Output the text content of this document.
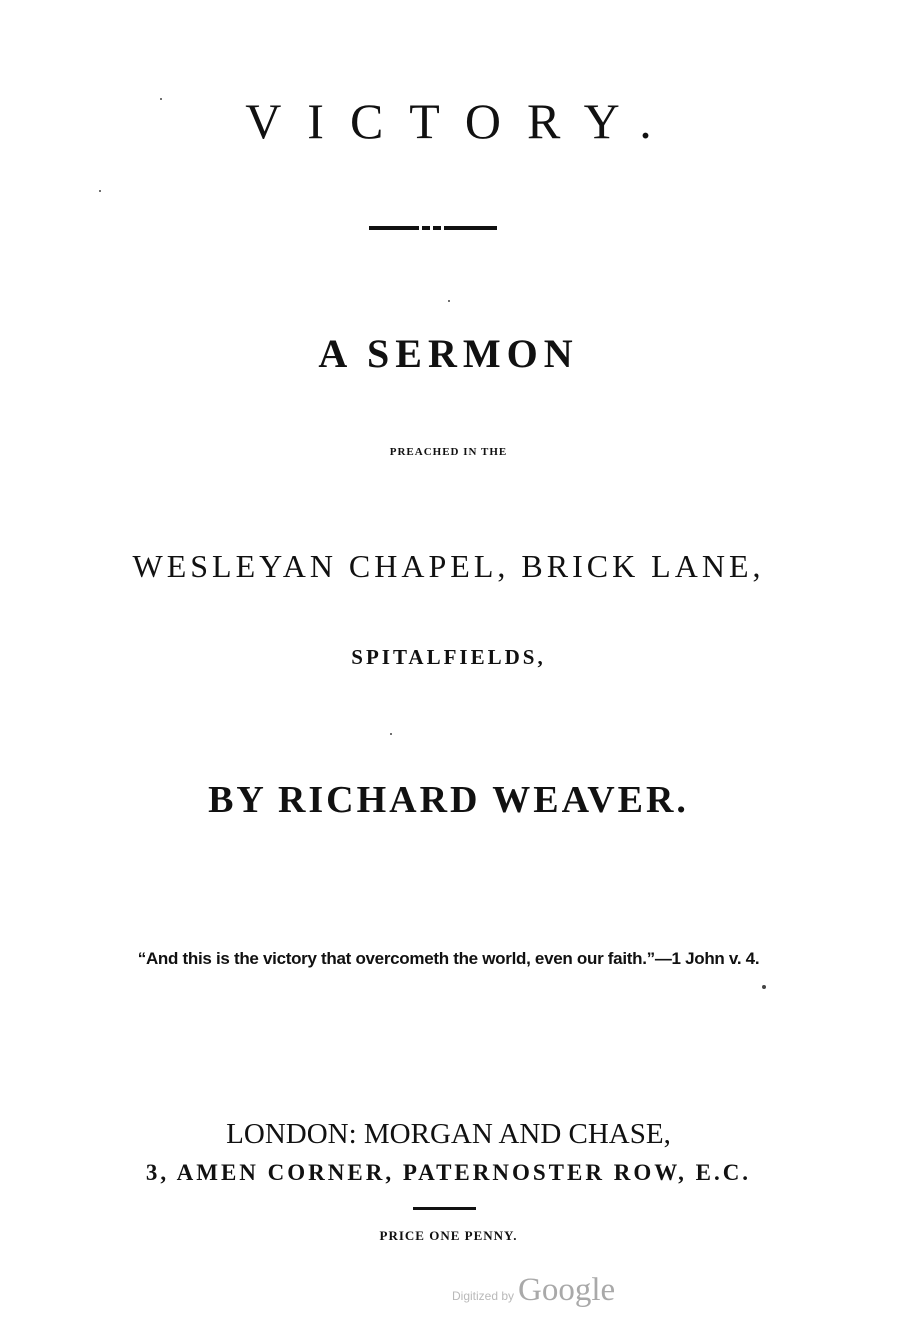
VICTORY.
A SERMON
PREACHED IN THE
WESLEYAN CHAPEL, BRICK LANE,
SPITALFIELDS,
BY RICHARD WEAVER.
“And this is the victory that overcometh the world, even our faith.”—1 John v. 4.
LONDON: MORGAN AND CHASE,
3, AMEN CORNER, PATERNOSTER ROW, E.C.
PRICE ONE PENNY.
Digitized by Google
